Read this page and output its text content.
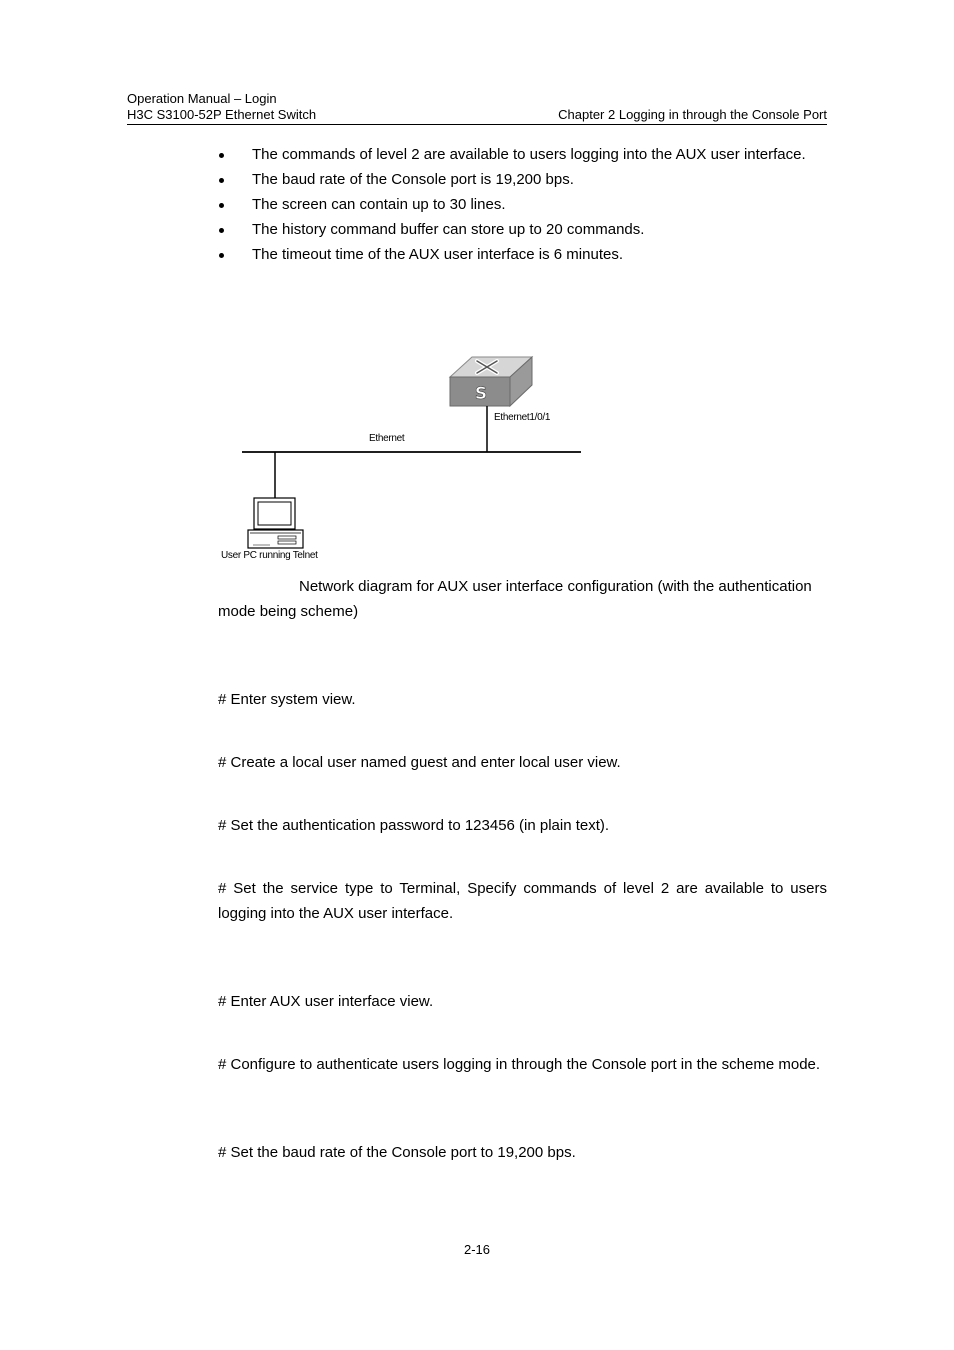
Operation Manual – Login
H3C S3100-52P Ethernet Switch	Chapter 2 Logging in through the Console Port
The commands of level 2 are available to users logging into the AUX user interface.
The baud rate of the Console port is 19,200 bps.
The screen can contain up to 30 lines.
The history command buffer can store up to 20 commands.
The timeout time of the AUX user interface is 6 minutes.
S
Ethernet1/0/1
Ethernet
User PC running Telnet
Network diagram for AUX user interface configuration (with the authentication mode being scheme)
# Enter system view.
# Create a local user named guest and enter local user view.
# Set the authentication password to 123456 (in plain text).
# Set the service type to Terminal, Specify commands of level 2 are available to users logging into the AUX user interface.
# Enter AUX user interface view.
# Configure to authenticate users logging in through the Console port in the scheme mode.
# Set the baud rate of the Console port to 19,200 bps.
2-16
